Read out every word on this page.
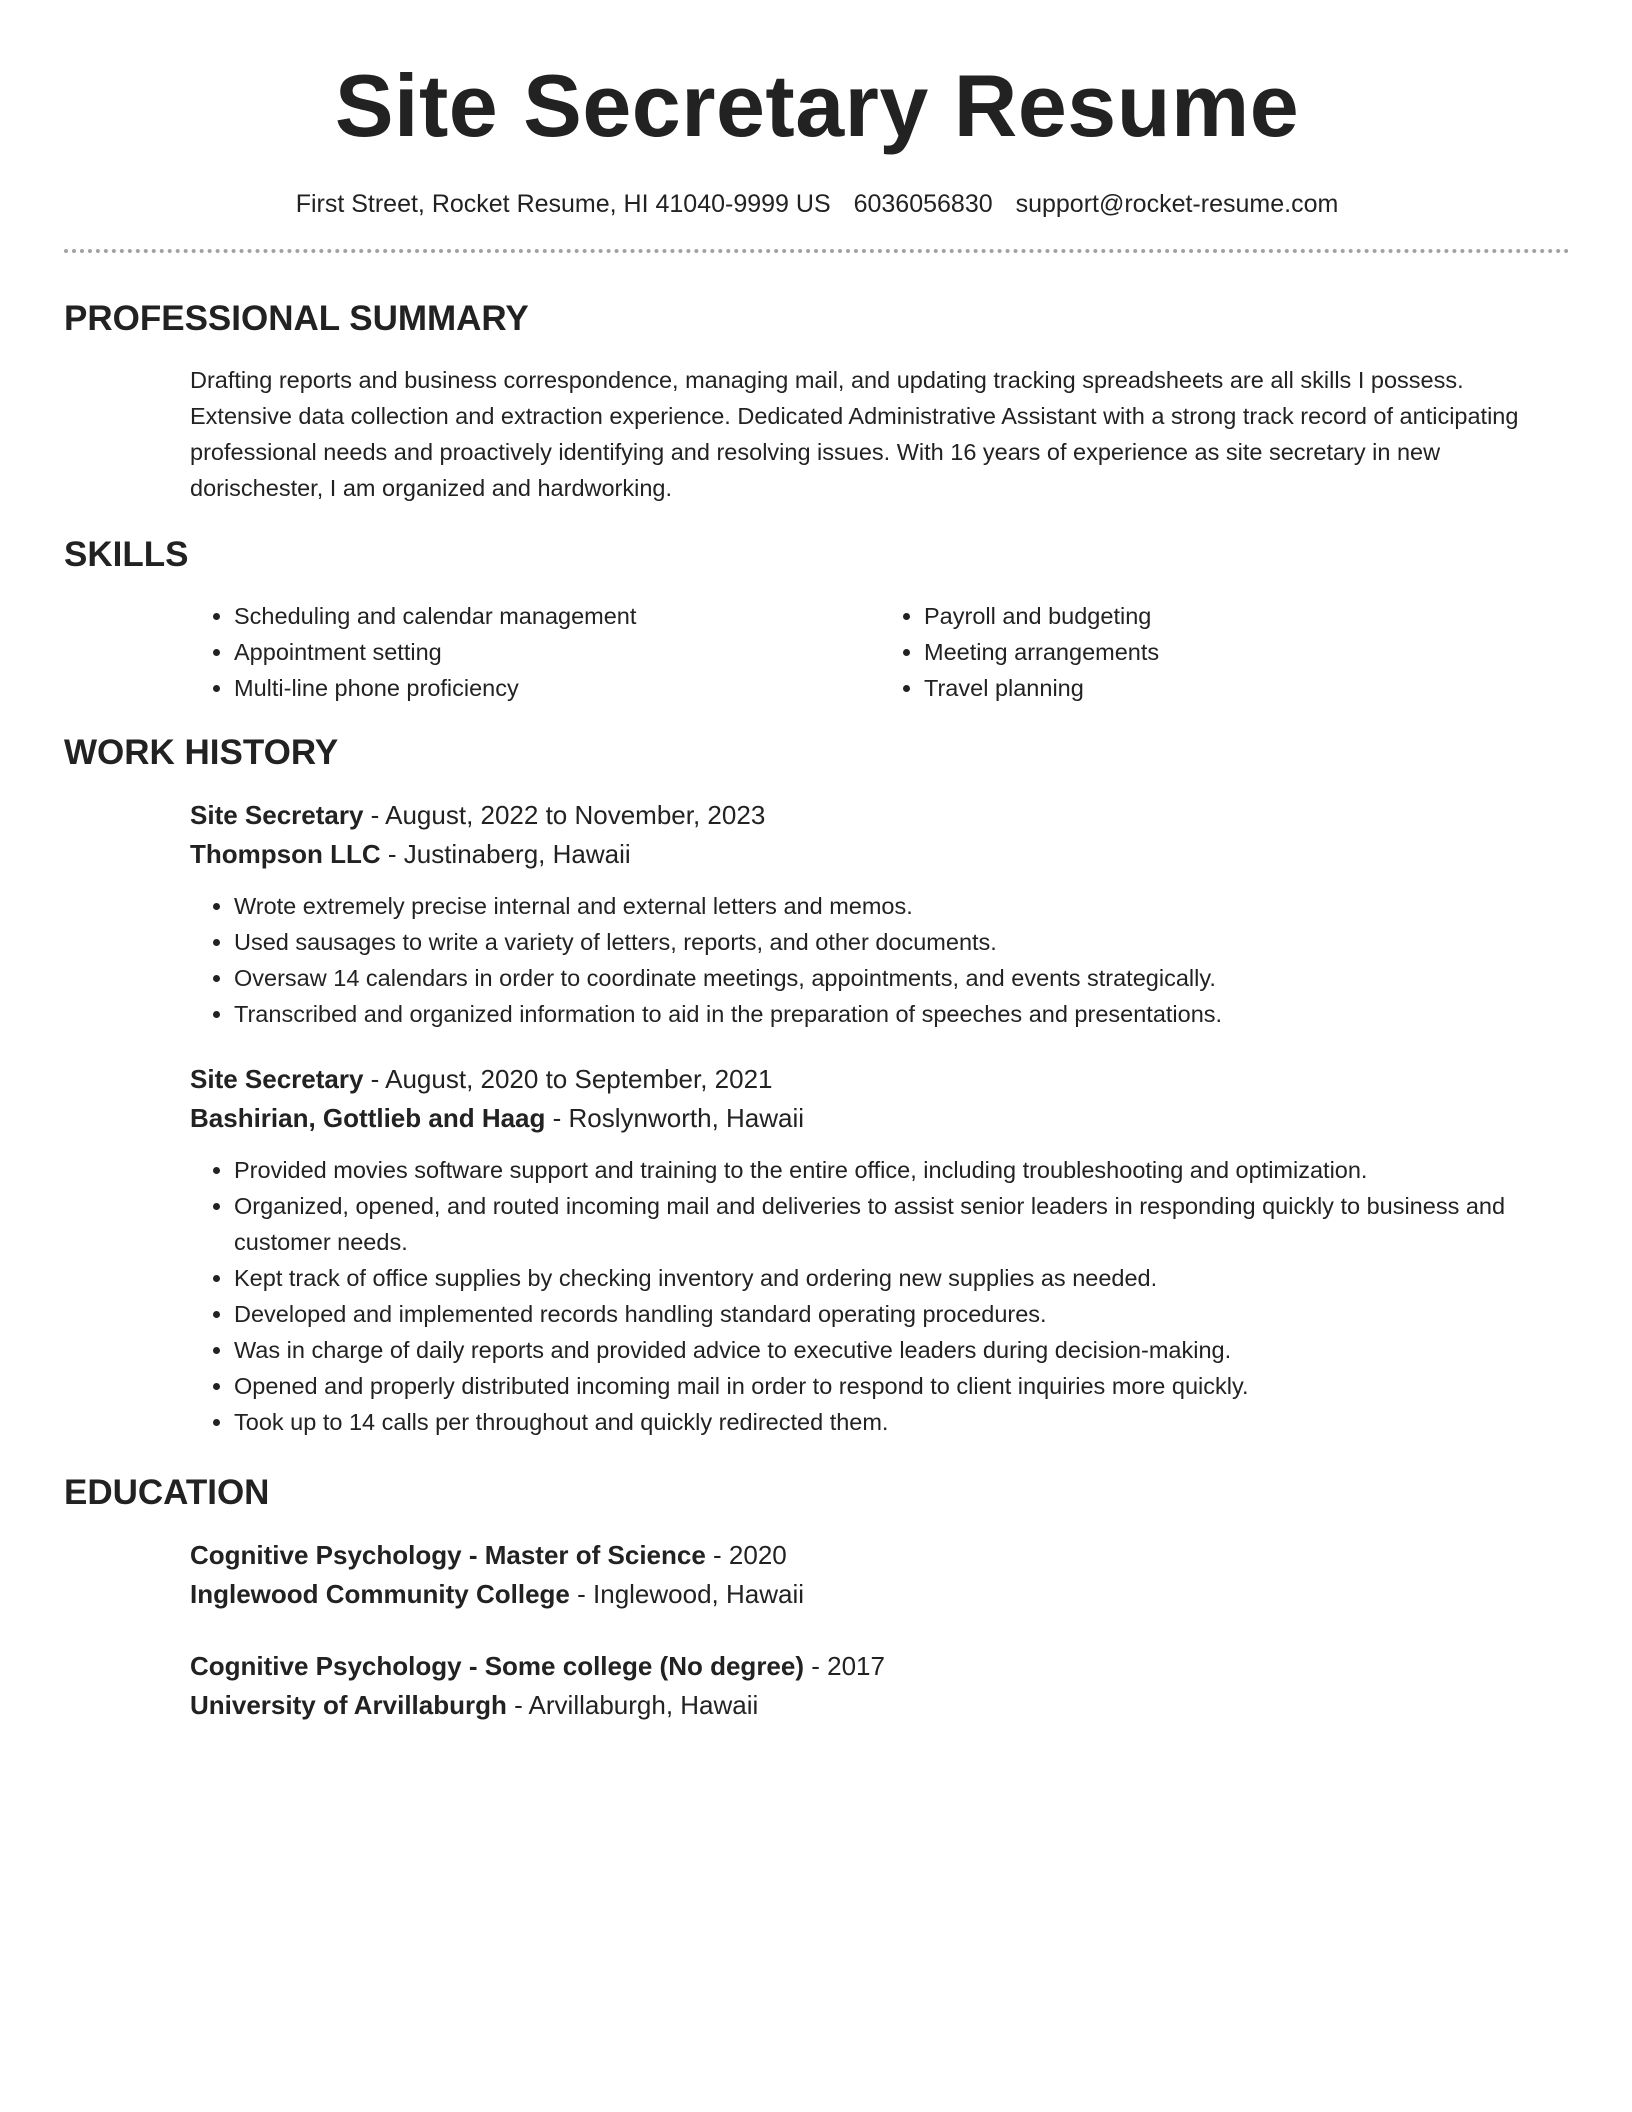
Site Secretary Resume
First Street, Rocket Resume, HI 41040-9999 US 6036056830 support@rocket-resume.com
PROFESSIONAL SUMMARY

Drafting reports and business correspondence, managing mail, and updating tracking spreadsheets are all skills I possess. Extensive data collection and extraction experience. Dedicated Administrative Assistant with a strong track record of anticipating professional needs and proactively identifying and resolving issues. With 16 years of experience as site secretary in new dorischester, I am organized and hardworking.

SKILLS
• Scheduling and calendar management
• Appointment setting
• Multi-line phone proficiency
• Payroll and budgeting
• Meeting arrangements
• Travel planning
WORK HISTORY
Site Secretary - August, 2022 to November, 2023
Thompson LLC - Justinaberg, Hawaii
• Wrote extremely precise internal and external letters and memos.
• Used sausages to write a variety of letters, reports, and other documents.
• Oversaw 14 calendars in order to coordinate meetings, appointments, and events strategically.
• Transcribed and organized information to aid in the preparation of speeches and presentations.
Site Secretary - August, 2020 to September, 2021
Bashirian, Gottlieb and Haag - Roslynworth, Hawaii
• Provided movies software support and training to the entire office, including troubleshooting and optimization.
• Organized, opened, and routed incoming mail and deliveries to assist senior leaders in responding quickly to business and customer needs.
• Kept track of office supplies by checking inventory and ordering new supplies as needed.
• Developed and implemented records handling standard operating procedures.
• Was in charge of daily reports and provided advice to executive leaders during decision-making.
• Opened and properly distributed incoming mail in order to respond to client inquiries more quickly.
• Took up to 14 calls per throughout and quickly redirected them.
EDUCATION
Cognitive Psychology - Master of Science - 2020
Inglewood Community College - Inglewood, Hawaii
Cognitive Psychology - Some college (No degree) - 2017
University of Arvillaburgh - Arvillaburgh, Hawaii
